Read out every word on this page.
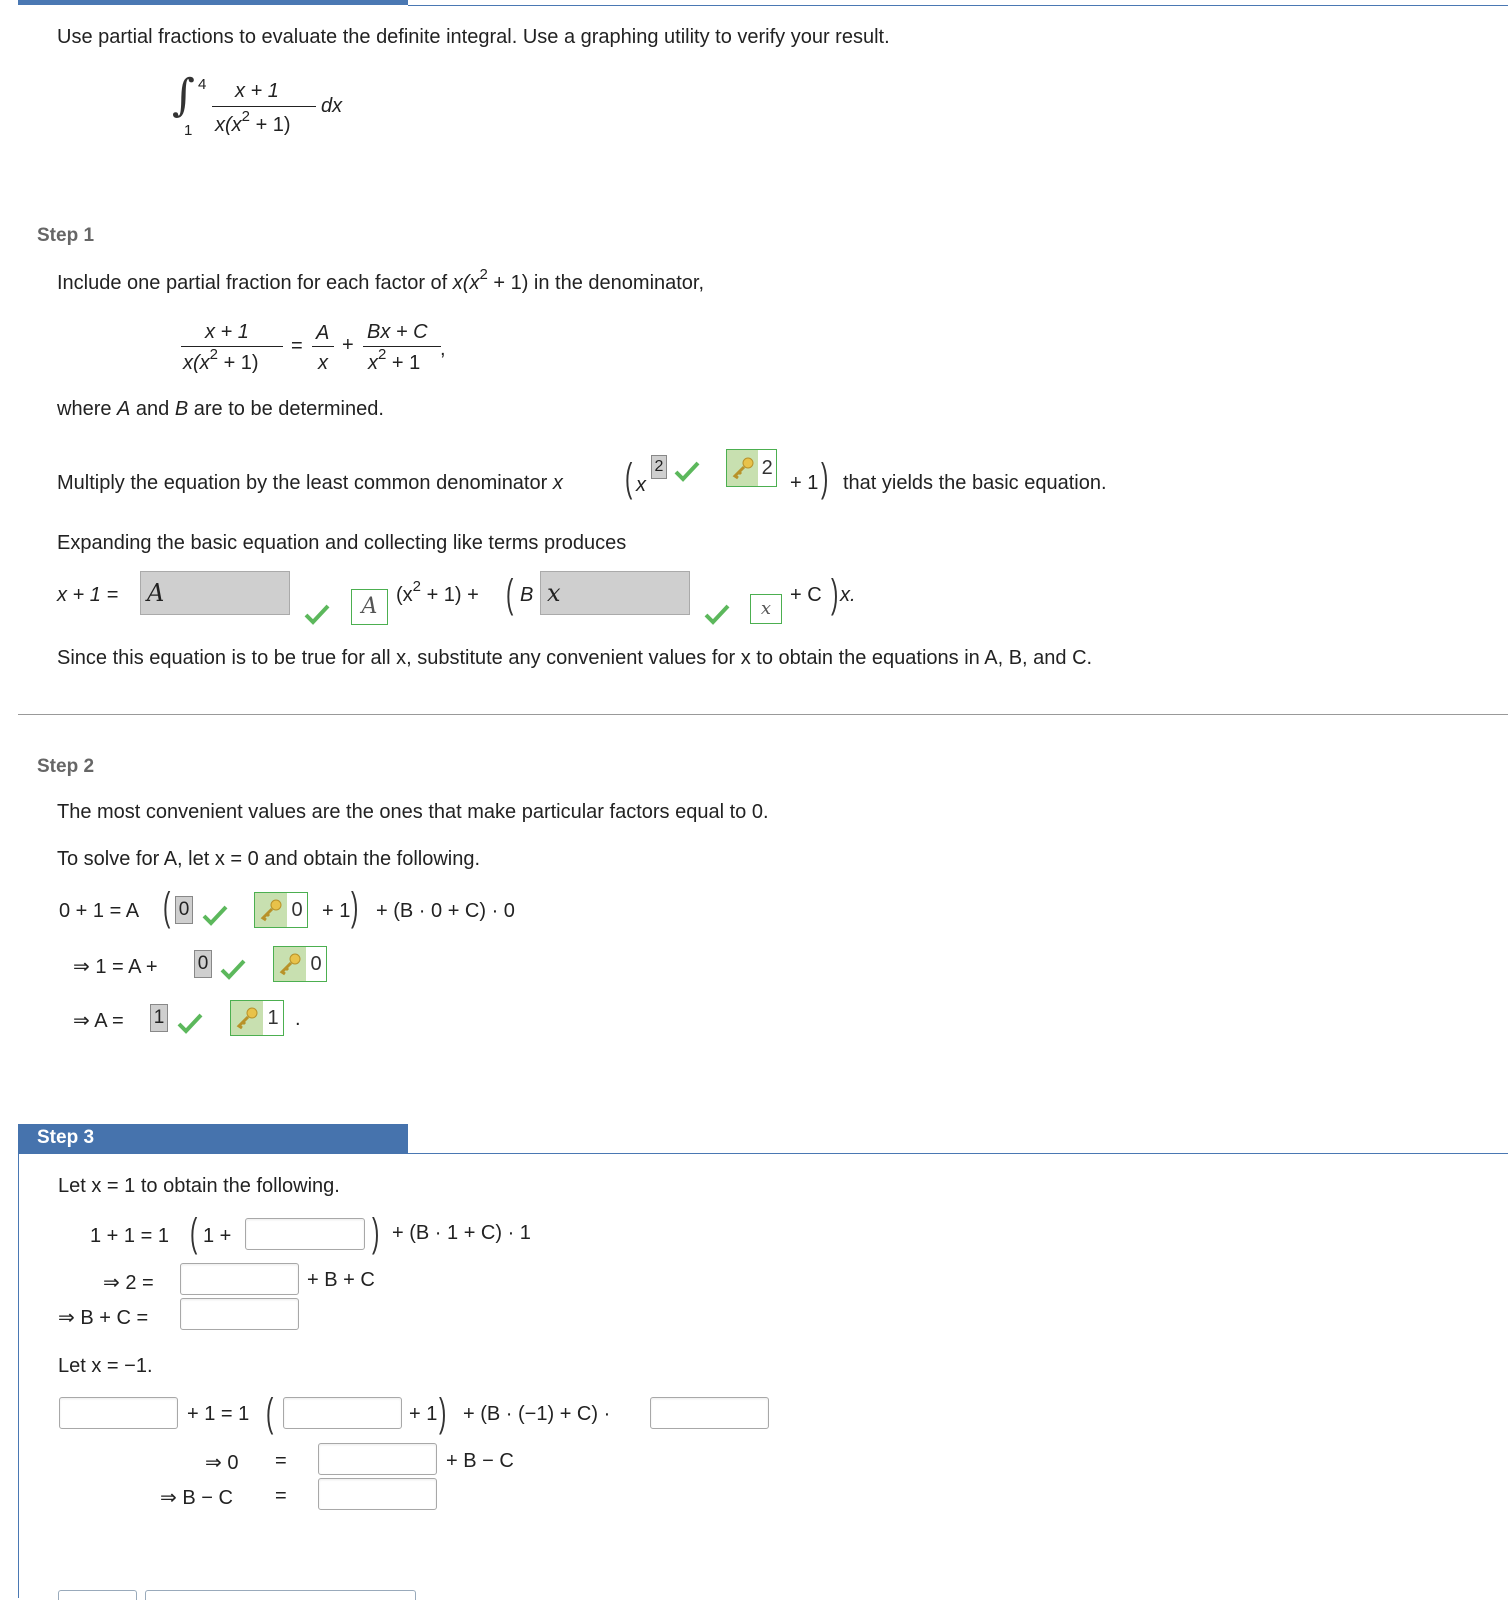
Use partial fractions to evaluate the definite integral. Use a graphing utility to verify your result.
∫ 4
1
x + 1
$x(x^2 + 1)$
dx
Step 1
Include one partial fraction for each factor of $x(x^2 + 1)$ in the denominator,
x + 1
$x(x^2 + 1)$
=
A
x
+
Bx + C
$x^2 + 1$
,
where A and B are to be determined.
Multiply the equation by the least common denominator x ( x
2	2
+ 1 ) that yields the basic equation.
Expanding the basic equation and collecting like terms produces
x + 1 = A	A $(x^2 + 1)$ + ( B x
x
+ C ) x.
Since this equation is to be true for all x, substitute any convenient values for x to obtain the equations in A, B, and C.
Step 2
The most convenient values are the ones that make particular factors equal to 0.
To solve for A, let x = 0 and obtain the following.
0 + 1 = A ( 0	0 + 1 ) + (B · 0 + C) · 0
⇒ 1 = A + 0	0
⇒ A = 1	1 .
Step 3
Let x = 1 to obtain the following.
1 + 1 = 1 ( 1 +	) + (B · 1 + C) · 1
⇒ 2 =	+ B + C
⇒ B + C =
Let x = −1.
+ 1 = 1 (	+ 1 ) + (B · (−1) + C) ·
⇒ 0 =	+ B − C
⇒ B − C =
